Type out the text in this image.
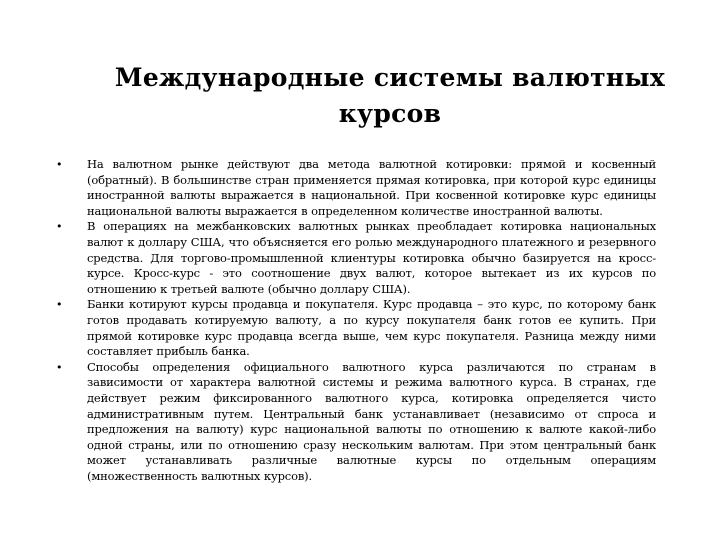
Международные системы валютных курсов
• На валютном рынке действуют два метода валютной котировки: прямой и косвенный (обратный). В большинстве стран применяется прямая котировка, при которой курс единицы иностранной валюты выражается в национальной. При косвенной котировке курс единицы национальной валюты выражается в определенном количестве иностранной валюты.
• В операциях на межбанковских валютных рынках преобладает котировка национальных валют к доллару США, что объясняется его ролью международного платежного и резервного средства. Для торгово-промышленной клиентуры котировка обычно базируется на кросс-курсе. Кросс-курс - это соотношение двух валют, которое вытекает из их курсов по отношению к третьей валюте (обычно доллару США).
• Банки котируют курсы продавца и покупателя. Курс продавца – это курс, по которому банк готов продавать котируемую валюту, а по курсу покупателя банк готов ее купить. При прямой котировке курс продавца всегда выше, чем курс покупателя. Разница между ними составляет прибыль банка.
• Способы определения официального валютного курса различаются по странам в зависимости от характера валютной системы и режима валютного курса. В странах, где действует режим фиксированного валютного курса, котировка определяется чисто административным путем. Центральный банк устанавливает (независимо от спроса и предложения на валюту) курс национальной валюты по отношению к валюте какой-либо одной страны, или по отношению сразу нескольким валютам. При этом центральный банк может устанавливать различные валютные курсы по отдельным операциям (множественность валютных курсов).
